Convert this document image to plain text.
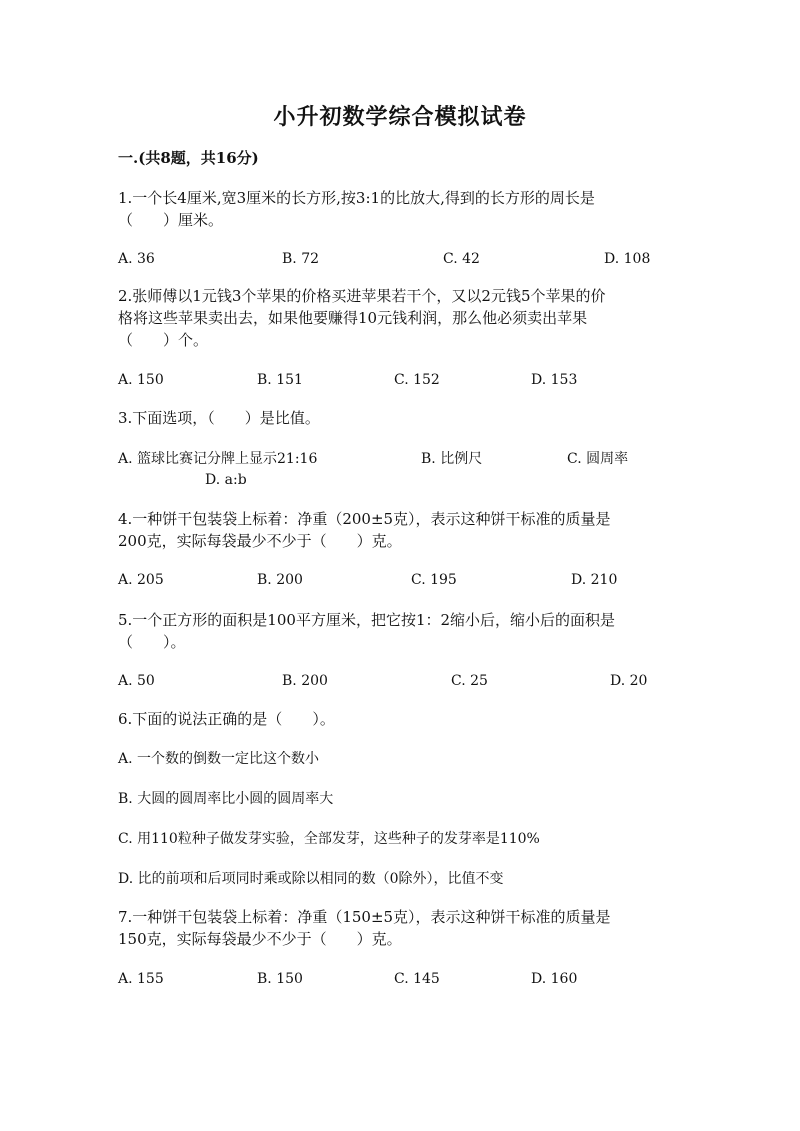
小升初数学综合模拟试卷
一.(共8题，共16分)
1.一个长4厘米,宽3厘米的长方形,按3:1的比放大,得到的长方形的周长是
（　　）厘米。
A. 36	B. 72	C. 42	D. 108
2.张师傅以1元钱3个苹果的价格买进苹果若干个，又以2元钱5个苹果的价
格将这些苹果卖出去，如果他要赚得10元钱利润，那么他必须卖出苹果
（　　）个。
A. 150	B. 151	C. 152	D. 153
3.下面选项，（　　）是比值。
A. 篮球比赛记分牌上显示21:16	B. 比例尺	C. 圆周率
D. a:b
4.一种饼干包装袋上标着：净重（200±5克），表示这种饼干标准的质量是
200克，实际每袋最少不少于（　　）克。
A. 205	B. 200	C. 195	D. 210
5.一个正方形的面积是100平方厘米，把它按1：2缩小后，缩小后的面积是
（　　）。
A. 50	B. 200	C. 25	D. 20
6.下面的说法正确的是（　　）。
A. 一个数的倒数一定比这个数小
B. 大圆的圆周率比小圆的圆周率大
C. 用110粒种子做发芽实验，全部发芽，这些种子的发芽率是110%
D. 比的前项和后项同时乘或除以相同的数（0除外），比值不变
7.一种饼干包装袋上标着：净重（150±5克），表示这种饼干标准的质量是
150克，实际每袋最少不少于（　　）克。
A. 155	B. 150	C. 145	D. 160
